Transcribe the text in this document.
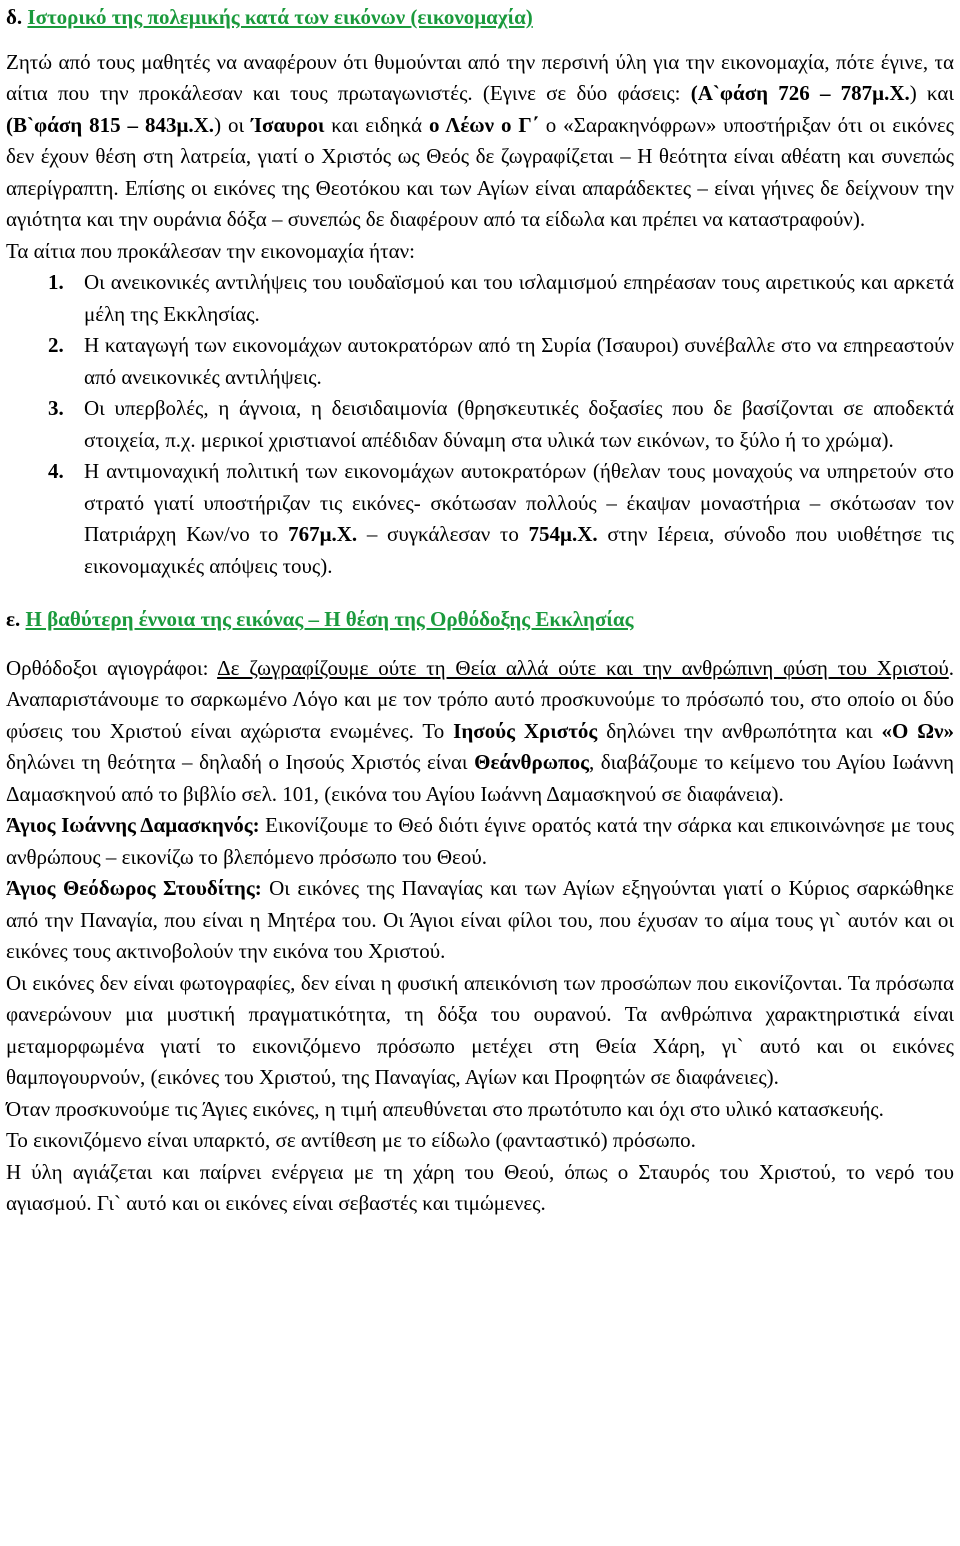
δ. Ιστορικό της πολεμικής κατά των εικόνων (εικονομαχία)

Ζητώ από τους μαθητές να αναφέρουν ότι θυμούνται από την περσινή ύλη για την εικονομαχία, πότε έγινε, τα αίτια που την προκάλεσαν και τους πρωταγωνιστές. (Εγινε σε δύο φάσεις: (Α`φάση 726 – 787μ.Χ.) και (Β`φάση 815 – 843μ.Χ.) οι Ίσαυροι και ειδηκά ο Λέων ο Γ΄ ο «Σαρακηνόφρων» υποστήριξαν ότι οι εικόνες δεν έχουν θέση στη λατρεία, γιατί ο Χριστός ως Θεός δε ζωγραφίζεται – Η θεότητα είναι αθέατη και συνεπώς απερίγραπτη. Επίσης οι εικόνες της Θεοτόκου και των Αγίων είναι απαράδεκτες – είναι γήινες δε δείχνουν την αγιότητα και την ουράνια δόξα – συνεπώς δε διαφέρουν από τα είδωλα και πρέπει να καταστραφούν).

Τα αίτια που προκάλεσαν την εικονομαχία ήταν:

1. Οι ανεικονικές αντιλήψεις του ιουδαϊσμού και του ισλαμισμού επηρέασαν τους αιρετικούς και αρκετά μέλη της Εκκλησίας.
2. Η καταγωγή των εικονομάχων αυτοκρατόρων από τη Συρία (Ίσαυροι) συνέβαλλε στο να επηρεαστούν από ανεικονικές αντιλήψεις.
3. Οι υπερβολές, η άγνοια, η δεισιδαιμονία (θρησκευτικές δοξασίες που δε βασίζονται σε αποδεκτά στοιχεία, π.χ. μερικοί χριστιανοί απέδιδαν δύναμη στα υλικά των εικόνων, το ξύλο ή το χρώμα).
4. Η αντιμοναχική πολιτική των εικονομάχων αυτοκρατόρων (ήθελαν τους μοναχούς να υπηρετούν στο στρατό γιατί υποστήριζαν τις εικόνες- σκότωσαν πολλούς – έκαψαν μοναστήρια – σκότωσαν τον Πατριάρχη Κων/νο το 767μ.Χ. – συγκάλεσαν το 754μ.Χ. στην Ιέρεια, σύνοδο που υιοθέτησε τις εικονομαχικές απόψεις τους).
ε. Η βαθύτερη έννοια της εικόνας – Η θέση της Ορθόδοξης Εκκλησίας

Ορθόδοξοι αγιογράφοι: Δε ζωγραφίζουμε ούτε τη Θεία αλλά ούτε και την ανθρώπινη φύση του Χριστού. Αναπαριστάνουμε το σαρκωμένο Λόγο και με τον τρόπο αυτό προσκυνούμε το πρόσωπό του, στο οποίο οι δύο φύσεις του Χριστού είναι αχώριστα ενωμένες. Το Ιησούς Χριστός δηλώνει την ανθρωπότητα και «Ο Ων» δηλώνει τη θεότητα – δηλαδή ο Ιησούς Χριστός είναι Θεάνθρωπος, διαβάζουμε το κείμενο του Αγίου Ιωάννη Δαμασκηνού από το βιβλίο σελ. 101, (εικόνα του Αγίου Ιωάννη Δαμασκηνού σε διαφάνεια).

Άγιος Ιωάννης Δαμασκηνός: Εικονίζουμε το Θεό διότι έγινε ορατός κατά την σάρκα και επικοινώνησε με τους ανθρώπους – εικονίζω το βλεπόμενο πρόσωπο του Θεού.

Άγιος Θεόδωρος Στουδίτης: Οι εικόνες της Παναγίας και των Αγίων εξηγούνται γιατί ο Κύριος σαρκώθηκε από την Παναγία, που είναι η Μητέρα του. Οι Άγιοι είναι φίλοι του, που έχυσαν το αίμα τους γι` αυτόν και οι εικόνες τους ακτινοβολούν την εικόνα του Χριστού.

Οι εικόνες δεν είναι φωτογραφίες, δεν είναι η φυσική απεικόνιση των προσώπων που εικονίζονται. Τα πρόσωπα φανερώνουν μια μυστική πραγματικότητα, τη δόξα του ουρανού. Τα ανθρώπινα χαρακτηριστικά είναι μεταμορφωμένα γιατί το εικονιζόμενο πρόσωπο μετέχει στη Θεία Χάρη, γι` αυτό και οι εικόνες θαμπογουρνούν, (εικόνες του Χριστού, της Παναγίας, Αγίων και Προφητών σε διαφάνειες).

Όταν προσκυνούμε τις Άγιες εικόνες, η τιμή απευθύνεται στο πρωτότυπο και όχι στο υλικό κατασκευής.

Το εικονιζόμενο είναι υπαρκτό, σε αντίθεση με το είδωλο (φανταστικό) πρόσωπο.

Η ύλη αγιάζεται και παίρνει ενέργεια με τη χάρη του Θεού, όπως ο Σταυρός του Χριστού, το νερό του αγιασμού. Γι` αυτό και οι εικόνες είναι σεβαστές και τιμώμενες.
